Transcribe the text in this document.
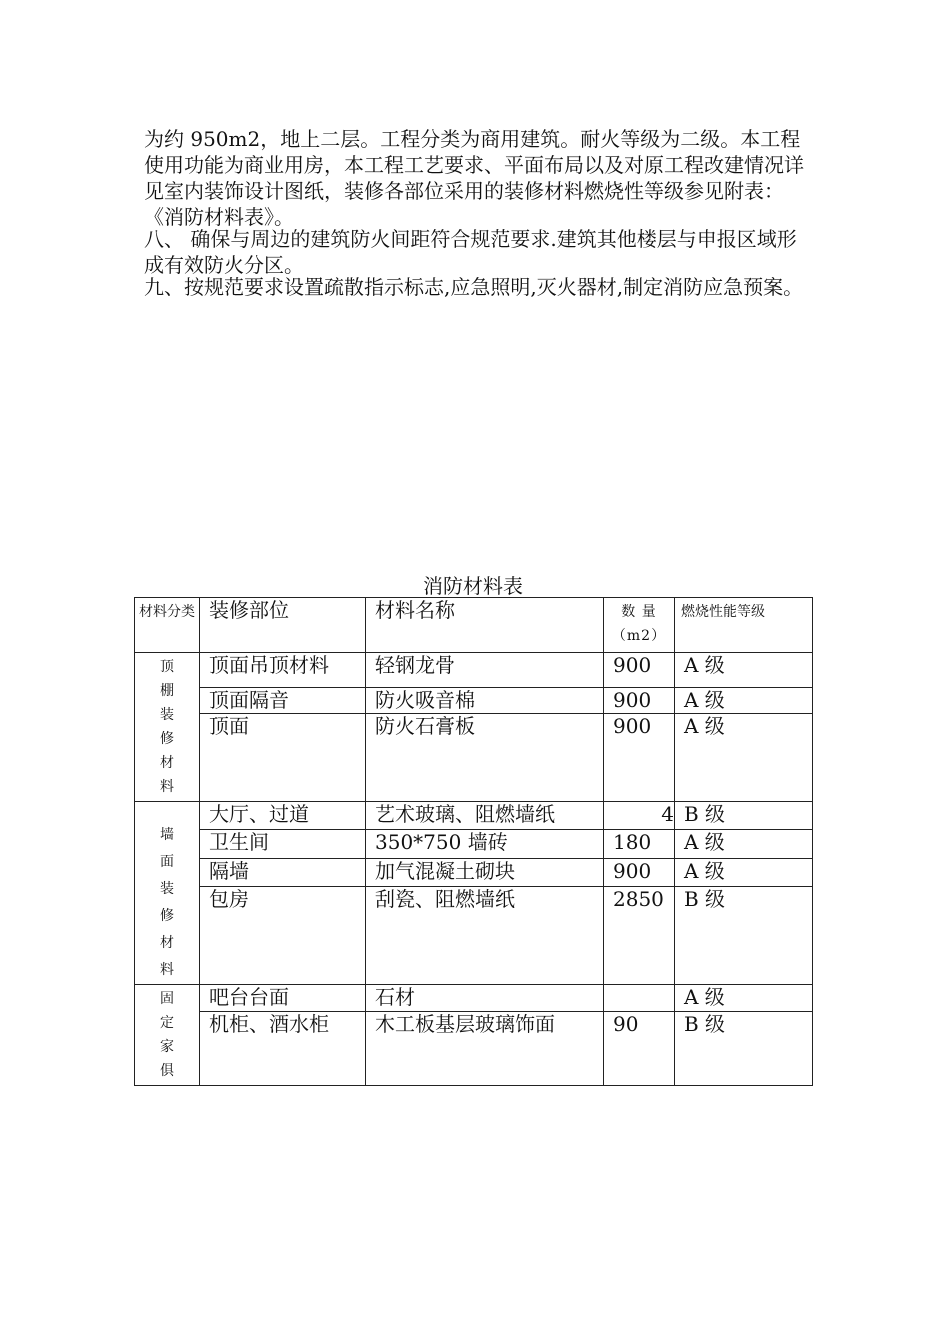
为约 950m2，地上二层。工程分类为商用建筑。耐火等级为二级。本工程使用功能为商业用房，本工程工艺要求、平面布局以及对原工程改建情况详见室内装饰设计图纸，装修各部位采用的装修材料燃烧性等级参见附表：《消防材料表》。

八、 确保与周边的建筑防火间距符合规范要求.建筑其他楼层与申报区域形成有效防火分区。

九、按规范要求设置疏散指示标志,应急照明,灭火器材,制定消防应急预案。

消防材料表
材料分类	装修部位	材料名称	数 量（m2）	燃烧性能等级
顶棚装修材料	顶面吊顶材料	轻钢龙骨	900	A 级
	顶面隔音	防火吸音棉	900	A 级
	顶面	防火石膏板	900	A 级
墙面装修材料	大厅、过道	艺术玻璃、阻燃墙纸	4	B 级
	卫生间	350*750 墙砖	180	A 级
	隔墙	加气混凝土砌块	900	A 级
	包房	刮瓷、阻燃墙纸	2850	B 级
固定家俱	吧台台面	石材		A 级
	机柜、酒水柜	木工板基层玻璃饰面	90	B 级
